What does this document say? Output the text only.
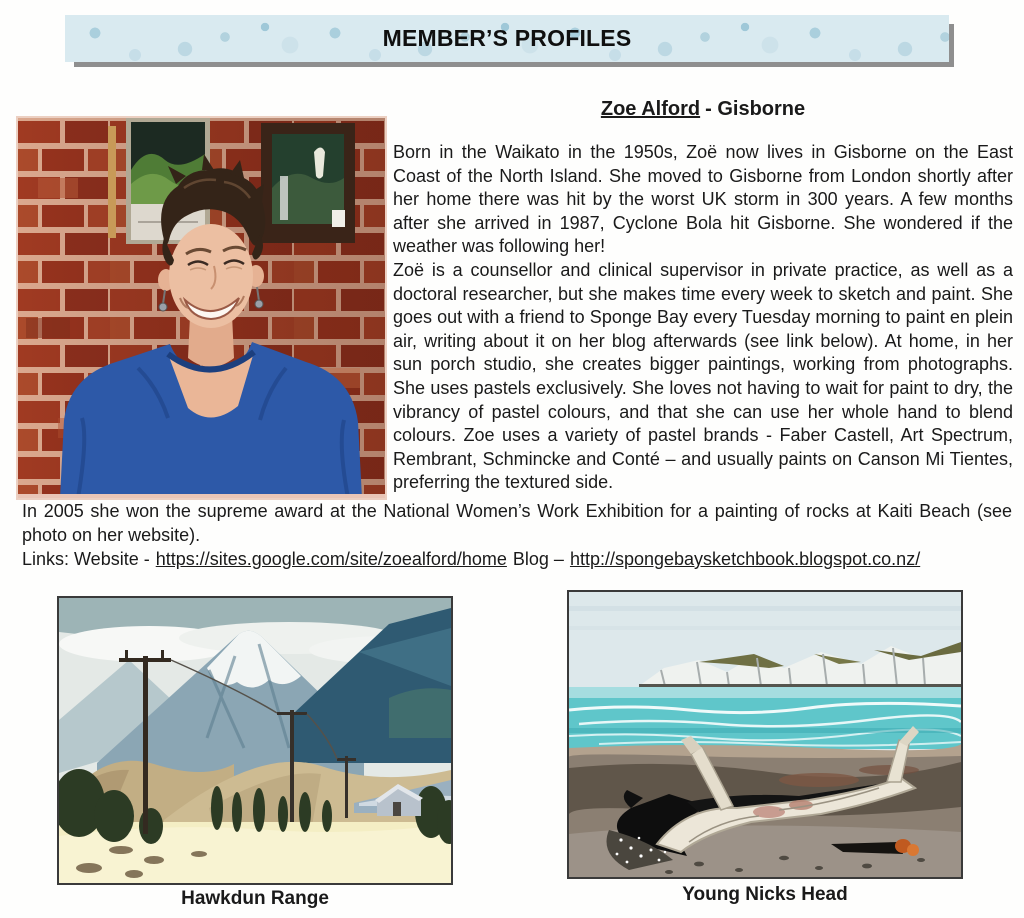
MEMBER’S PROFILES
Zoe Alford - Gisborne

Born in the Waikato in the 1950s, Zoë now lives in Gisborne on the East Coast of the North Island. She moved to Gisborne from London shortly after her home there was hit by the worst UK storm in 300 years. A few months after she arrived in 1987, Cyclone Bola hit Gisborne. She wondered if the weather was following her!

Zoë is a counsellor and clinical supervisor in private practice, as well as a doctoral researcher, but she makes time every week to sketch and paint. She goes out with a friend to Sponge Bay every Tuesday morning to paint en plein air, writing about it on her blog afterwards (see link below). At home, in her sun porch studio, she creates bigger paintings, working from photographs. She uses pastels exclusively. She loves not having to wait for paint to dry, the vibrancy of pastel colours, and that she can use her whole hand to blend colours. Zoe uses a variety of pastel brands - Faber Castell, Art Spectrum, Rembrant, Schmincke and Conté – and usually paints on Canson Mi Tientes, preferring the textured side.

In 2005 she won the supreme award at the National Women’s Work Exhibition for a painting of rocks at Kaiti Beach (see photo on her website).

Links: Website - https://sites.google.com/site/zoealford/home Blog – http://spongebaysketchbook.blogspot.co.nz/

Hawkdun Range	Young Nicks Head
